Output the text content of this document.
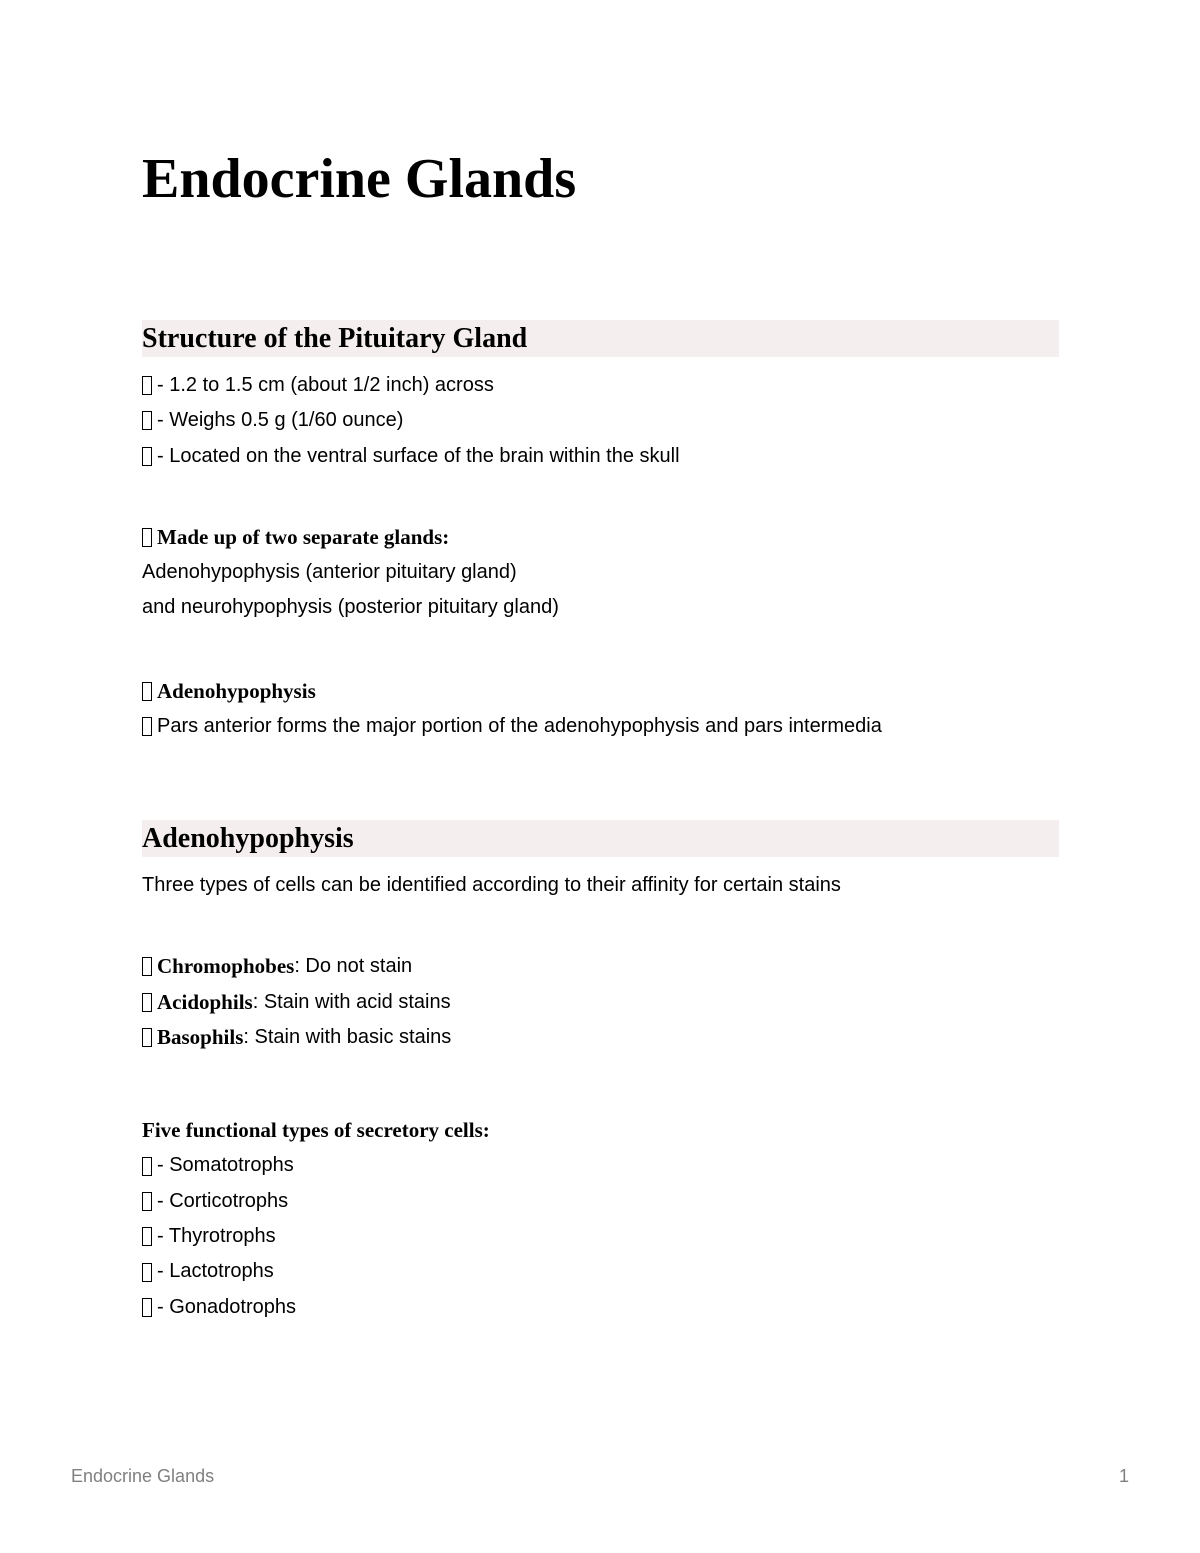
Endocrine Glands
Structure of the Pituitary Gland
- 1.2 to 1.5 cm (about 1/2 inch) across
- Weighs 0.5 g (1/60 ounce)
- Located on the ventral surface of the brain within the skull
Made up of two separate glands:
Adenohypophysis (anterior pituitary gland)
and neurohypophysis (posterior pituitary gland)
Adenohypophysis
Pars anterior forms the major portion of the adenohypophysis and pars intermedia
Adenohypophysis
Three types of cells can be identified according to their affinity for certain stains
Chromophobes : Do not stain
Acidophils : Stain with acid stains
Basophils : Stain with basic stains
Five functional types of secretory cells:
- Somatotrophs
- Corticotrophs
- Thyrotrophs
- Lactotrophs
- Gonadotrophs
Endocrine Glands	1
